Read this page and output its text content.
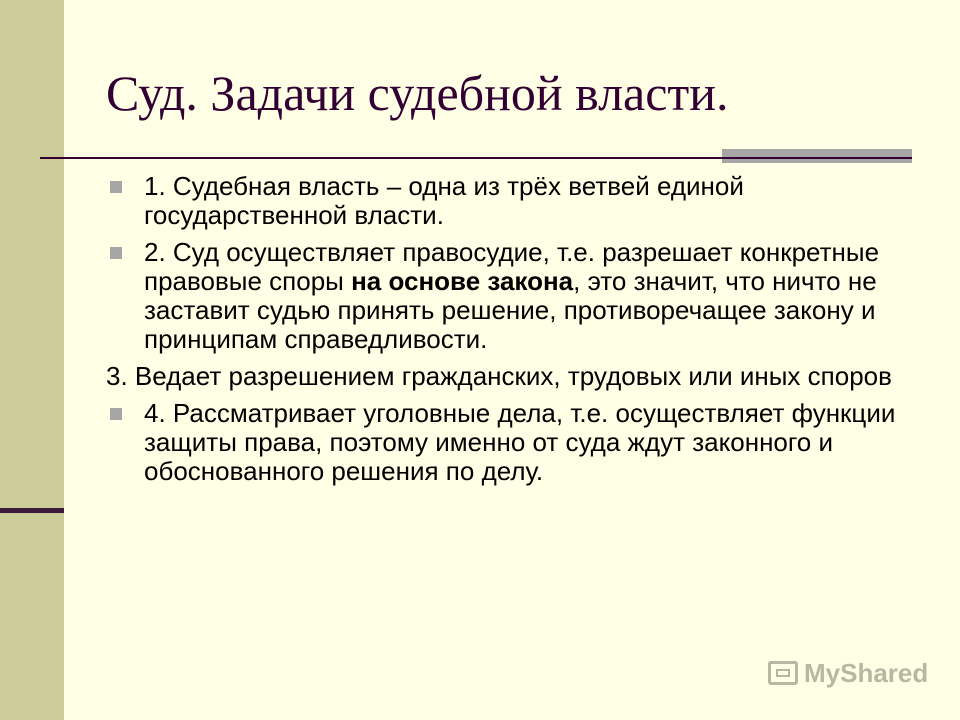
Суд. Задачи судебной власти.
1. Судебная власть – одна из трёх ветвей единой государственной власти.
2. Суд осуществляет правосудие, т.е. разрешает конкретные правовые споры на основе закона, это значит, что ничто не заставит судью принять решение, противоречащее закону и принципам справедливости.
3. Ведает разрешением гражданских, трудовых или иных споров
4. Рассматривает уголовные дела, т.е. осуществляет функции защиты права, поэтому именно от суда ждут законного и обоснованного решения по делу.
MyShared
